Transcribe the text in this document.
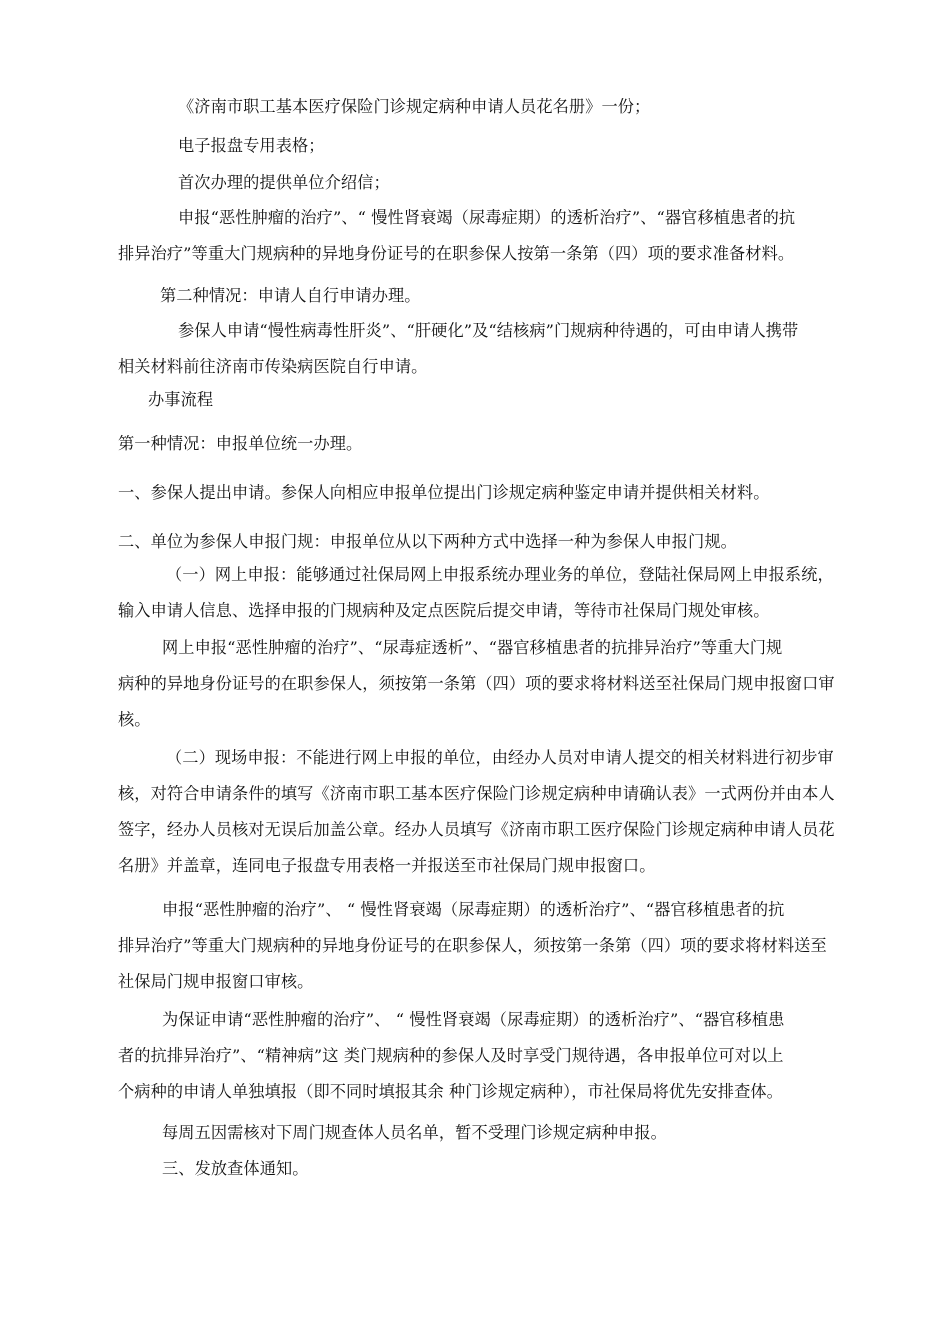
《济南市职工基本医疗保险门诊规定病种申请人员花名册》一份；

电子报盘专用表格；

首次办理的提供单位介绍信；

申报“恶性肿瘤的治疗”、“ 慢性肾衰竭（尿毒症期）的透析治疗”、“器官移植患者的抗
排异治疗”等重大门规病种的异地身份证号的在职参保人按第一条第（四）项的要求准备材料。

第二种情况：申请人自行申请办理。

参保人申请“慢性病毒性肝炎”、“肝硬化”及“结核病”门规病种待遇的，可由申请人携带
相关材料前往济南市传染病医院自行申请。

办事流程

第一种情况：申报单位统一办理。

一、参保人提出申请。参保人向相应申报单位提出门诊规定病种鉴定申请并提供相关材料。

二、单位为参保人申报门规：申报单位从以下两种方式中选择一种为参保人申报门规。

（一）网上申报：能够通过社保局网上申报系统办理业务的单位，登陆社保局网上申报系统，
输入申请人信息、选择申报的门规病种及定点医院后提交申请，等待市社保局门规处审核。

网上申报“恶性肿瘤的治疗”、“尿毒症透析”、“器官移植患者的抗排异治疗”等重大门规
病种的异地身份证号的在职参保人，须按第一条第（四）项的要求将材料送至社保局门规申报窗口审
核。

（二）现场申报：不能进行网上申报的单位，由经办人员对申请人提交的相关材料进行初步审
核，对符合申请条件的填写《济南市职工基本医疗保险门诊规定病种申请确认表》一式两份并由本人
签字，经办人员核对无误后加盖公章。经办人员填写《济南市职工医疗保险门诊规定病种申请人员花
名册》并盖章，连同电子报盘专用表格一并报送至市社保局门规申报窗口。

申报“恶性肿瘤的治疗”、 “ 慢性肾衰竭（尿毒症期）的透析治疗”、“器官移植患者的抗
排异治疗”等重大门规病种的异地身份证号的在职参保人，须按第一条第（四）项的要求将材料送至
社保局门规申报窗口审核。

为保证申请“恶性肿瘤的治疗”、 “ 慢性肾衰竭（尿毒症期）的透析治疗”、“器官移植患
者的抗排异治疗”、“精神病”这 类门规病种的参保人及时享受门规待遇，各申报单位可对以上
个病种的申请人单独填报（即不同时填报其余 种门诊规定病种），市社保局将优先安排查体。

每周五因需核对下周门规查体人员名单，暂不受理门诊规定病种申报。

三、发放查体通知。
